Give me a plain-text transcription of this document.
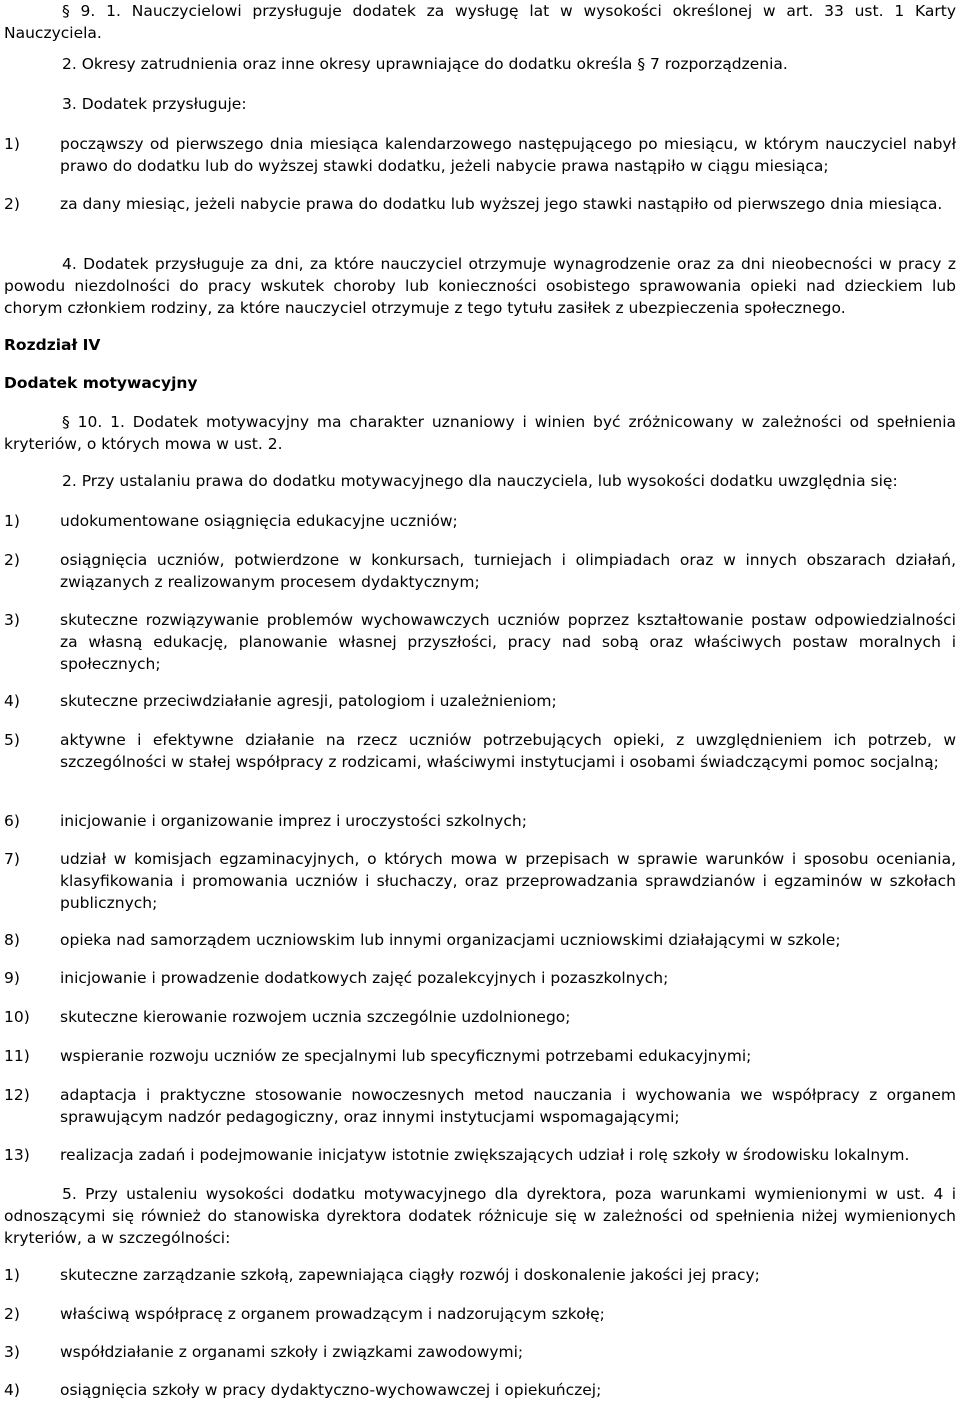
§ 9. 1. Nauczycielowi przysługuje dodatek za wysługę lat w wysokości określonej w art. 33 ust. 1 Karty Nauczyciela.
2. Okresy zatrudnienia oraz inne okresy uprawniające do dodatku określa § 7 rozporządzenia.
3. Dodatek przysługuje:
1)	począwszy od pierwszego dnia miesiąca kalendarzowego następującego po miesiącu, w którym nauczyciel nabył prawo do dodatku lub do wyższej stawki dodatku, jeżeli nabycie prawa nastąpiło w ciągu miesiąca;
2)	za dany miesiąc, jeżeli nabycie prawa do dodatku lub wyższej jego stawki nastąpiło od pierwszego dnia miesiąca.
4. Dodatek przysługuje za dni, za które nauczyciel otrzymuje wynagrodzenie oraz za dni nieobecności w pracy z powodu niezdolności do pracy wskutek choroby lub konieczności osobistego sprawowania opieki nad dzieckiem lub chorym członkiem rodziny, za które nauczyciel otrzymuje z tego tytułu zasiłek z ubezpieczenia społecznego.
Rozdział IV
Dodatek motywacyjny
§ 10. 1. Dodatek motywacyjny ma charakter uznaniowy i winien być zróżnicowany w zależności od spełnienia kryteriów, o których mowa w ust. 2.
2. Przy ustalaniu prawa do dodatku motywacyjnego dla nauczyciela, lub wysokości dodatku uwzględnia się:
1)	udokumentowane osiągnięcia edukacyjne uczniów;
2)	osiągnięcia uczniów, potwierdzone w konkursach, turniejach i olimpiadach oraz w innych obszarach działań, związanych z realizowanym procesem dydaktycznym;
3)	skuteczne rozwiązywanie problemów wychowawczych uczniów poprzez kształtowanie postaw odpowiedzialności za własną edukację, planowanie własnej przyszłości, pracy nad sobą oraz właściwych postaw moralnych i społecznych;
4)	skuteczne przeciwdziałanie agresji, patologiom i uzależnieniom;
5)	aktywne i efektywne działanie na rzecz uczniów potrzebujących opieki, z uwzględnieniem ich potrzeb, w szczególności w stałej współpracy z rodzicami, właściwymi instytucjami i osobami świadczącymi pomoc socjalną;
6)	inicjowanie i organizowanie imprez i uroczystości szkolnych;
7)	udział w komisjach egzaminacyjnych, o których mowa w przepisach w sprawie warunków i sposobu oceniania, klasyfikowania i promowania uczniów i słuchaczy, oraz przeprowadzania sprawdzianów i egzaminów w szkołach publicznych;
8)	opieka nad samorządem uczniowskim lub innymi organizacjami uczniowskimi działającymi w szkole;
9)	inicjowanie i prowadzenie dodatkowych zajęć pozalekcyjnych i pozaszkolnych;
10) skuteczne kierowanie rozwojem ucznia szczególnie uzdolnionego;
11) wspieranie rozwoju uczniów ze specjalnymi lub specyficznymi potrzebami edukacyjnymi;
12) adaptacja i praktyczne stosowanie nowoczesnych metod nauczania i wychowania we współpracy z organem sprawującym nadzór pedagogiczny, oraz innymi instytucjami wspomagającymi;
13) realizacja zadań i podejmowanie inicjatyw istotnie zwiększających udział i rolę szkoły w środowisku lokalnym.
5. Przy ustaleniu wysokości dodatku motywacyjnego dla dyrektora, poza warunkami wymienionymi w ust. 4 i odnoszącymi się również do stanowiska dyrektora dodatek różnicuje się w zależności od spełnienia niżej wymienionych kryteriów, a w szczególności:
1)	skuteczne zarządzanie szkołą, zapewniająca ciągły rozwój i doskonalenie jakości jej pracy;
2)	właściwą współpracę z organem prowadzącym i nadzorującym szkołę;
3)	współdziałanie z organami szkoły i związkami zawodowymi;
4)	osiągnięcia szkoły w pracy dydaktyczno-wychowawczej i opiekuńczej;
